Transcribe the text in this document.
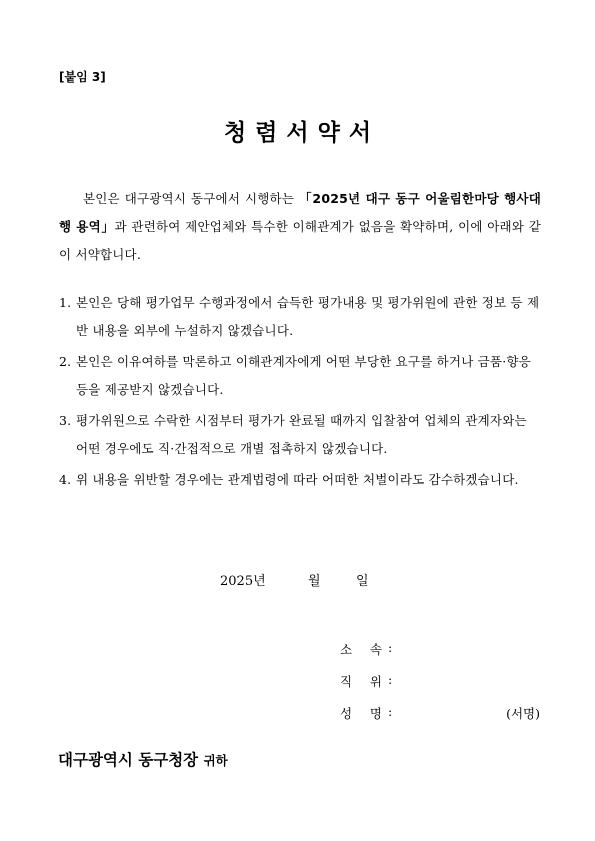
[붙임 3]
청렴서약서
본인은 대구광역시 동구에서 시행하는 「2025년 대구 동구 어울림한마당 행사대행 용역」과 관련하여 제안업체와 특수한 이해관계가 없음을 확약하며, 이에 아래와 같이 서약합니다.
1. 본인은 당해 평가업무 수행과정에서 습득한 평가내용 및 평가위원에 관한 정보 등 제반 내용을 외부에 누설하지 않겠습니다.
2. 본인은 이유여하를 막론하고 이해관계자에게 어떤 부당한 요구를 하거나 금품·향응 등을 제공받지 않겠습니다.
3. 평가위원으로 수락한 시점부터 평가가 완료될 때까지 입찰참여 업체의 관계자와는 어떤 경우에도 직·간접적으로 개별 접촉하지 않겠습니다.
4. 위 내용을 위반할 경우에는 관계법령에 따라 어떠한 처벌이라도 감수하겠습니다.
2025년	월	일
소 속 :
직 위 :
성 명 :	(서명)
대구광역시 동구청장 귀하
